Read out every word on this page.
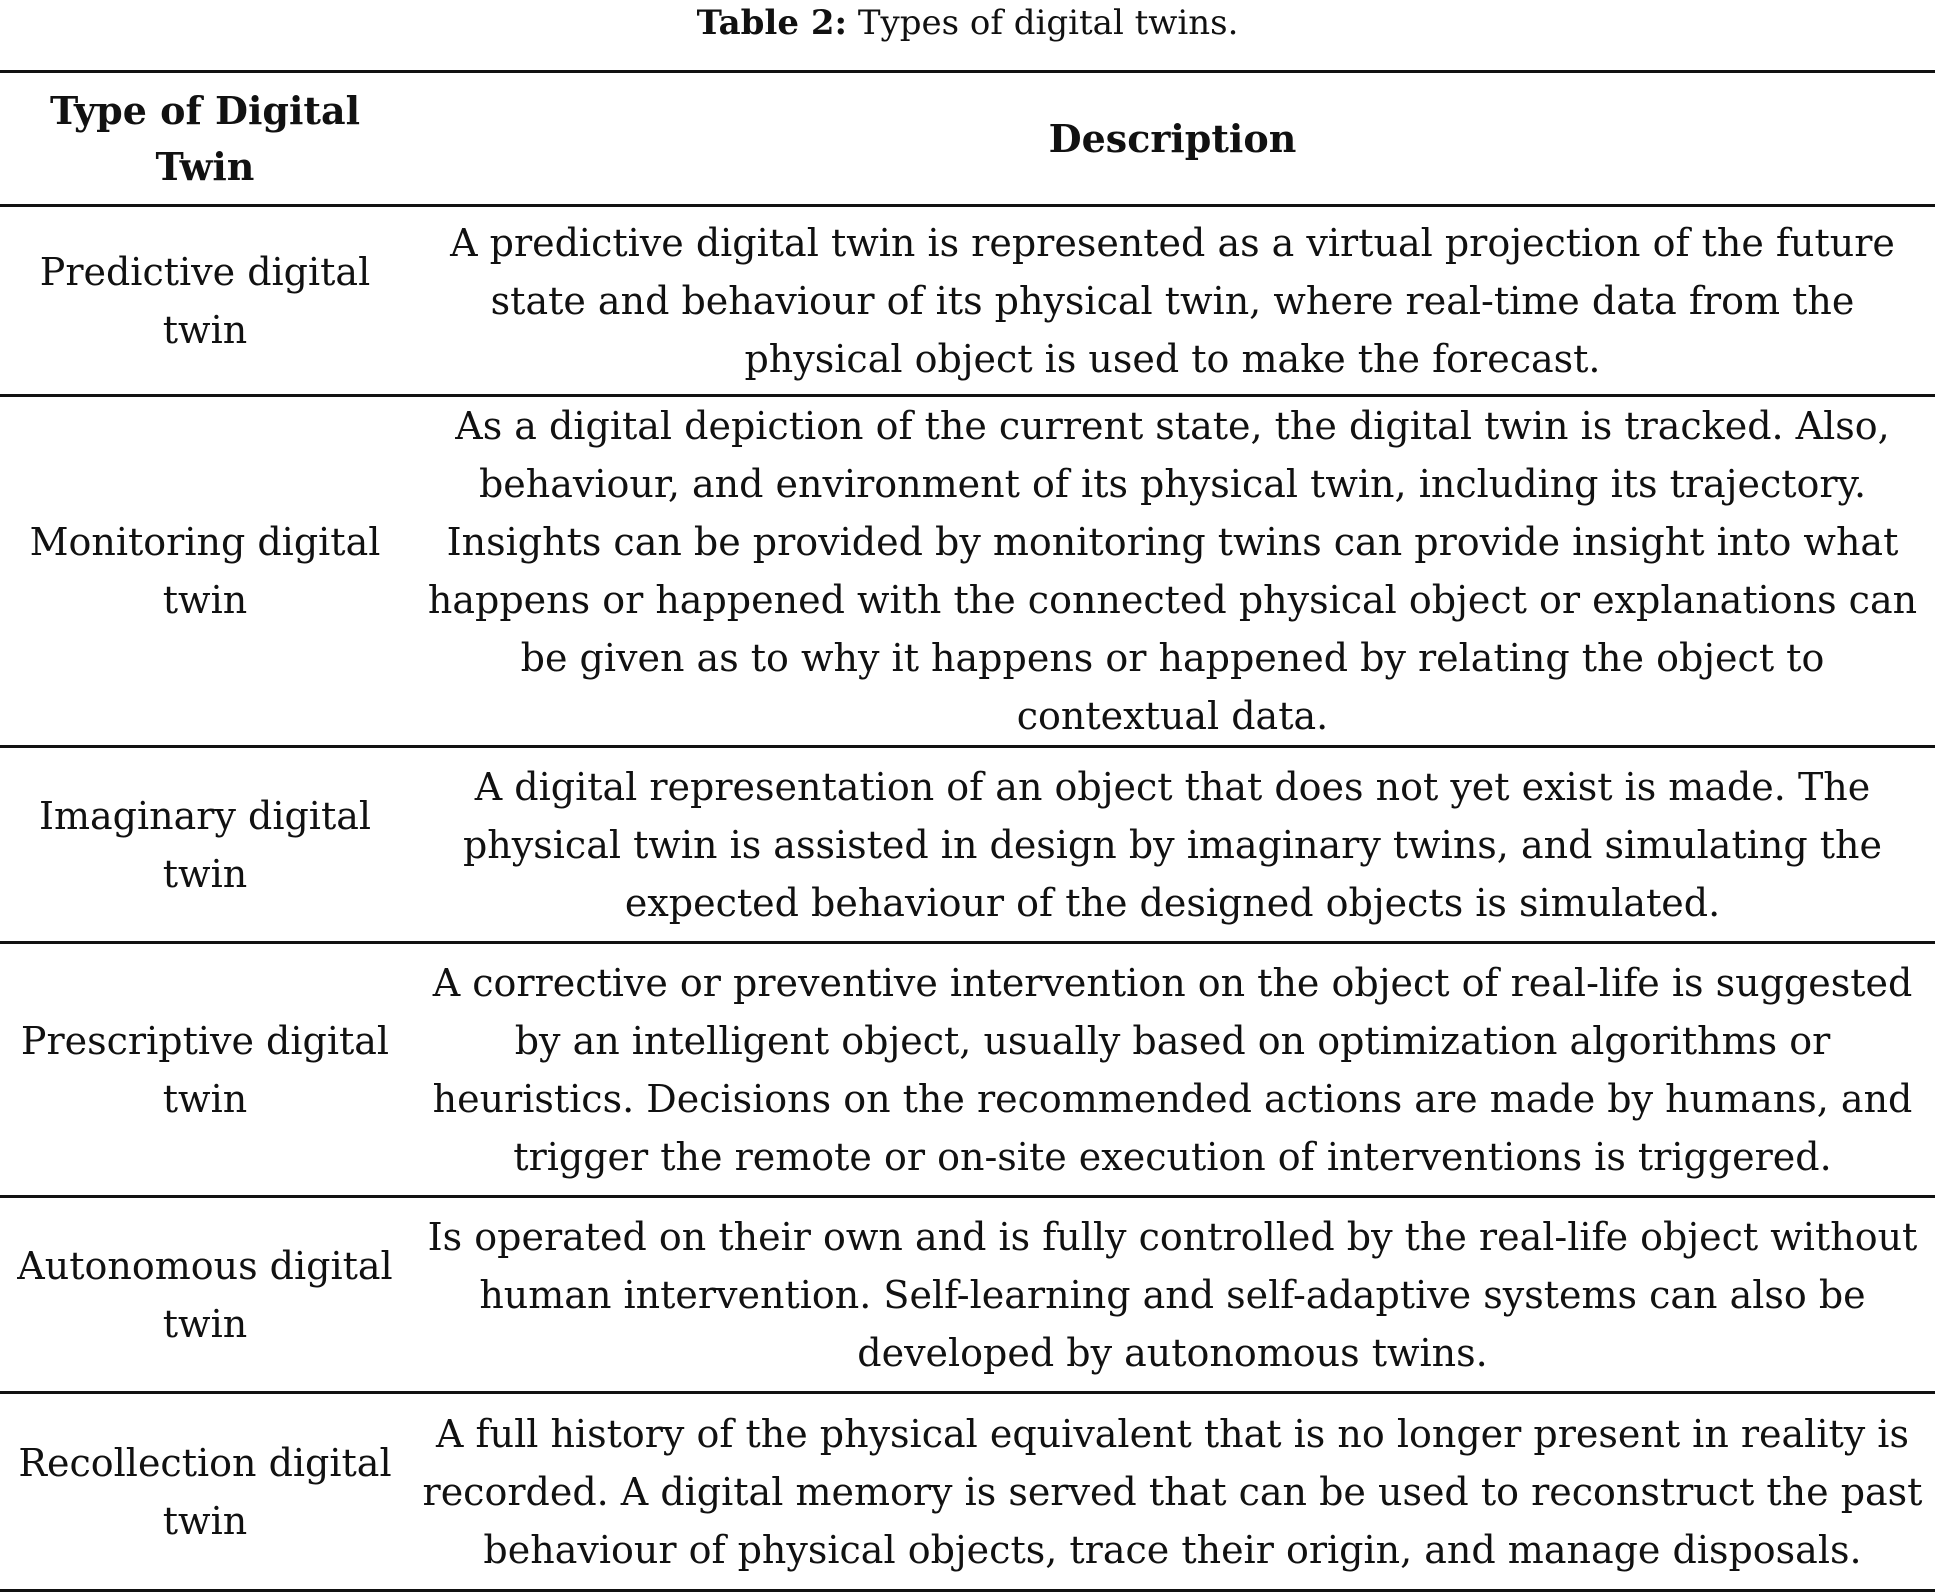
Table 2: Types of digital twins.
Type of Digital Twin	Description
Predictive digital twin	A predictive digital twin is represented as a virtual projection of the future state and behaviour of its physical twin, where real-time data from the physical object is used to make the forecast.
Monitoring digital twin	As a digital depiction of the current state, the digital twin is tracked. Also, behaviour, and environment of its physical twin, including its trajectory. Insights can be provided by monitoring twins can provide insight into what happens or happened with the connected physical object or explanations can be given as to why it happens or happened by relating the object to contextual data.
Imaginary digital twin	A digital representation of an object that does not yet exist is made. The physical twin is assisted in design by imaginary twins, and simulating the expected behaviour of the designed objects is simulated.
Prescriptive digital twin	A corrective or preventive intervention on the object of real-life is suggested by an intelligent object, usually based on optimization algorithms or heuristics. Decisions on the recommended actions are made by humans, and trigger the remote or on-site execution of interventions is triggered.
Autonomous digital twin	Is operated on their own and is fully controlled by the real-life object without human intervention. Self-learning and self-adaptive systems can also be developed by autonomous twins.
Recollection digital twin	A full history of the physical equivalent that is no longer present in reality is recorded. A digital memory is served that can be used to reconstruct the past behaviour of physical objects, trace their origin, and manage disposals.
